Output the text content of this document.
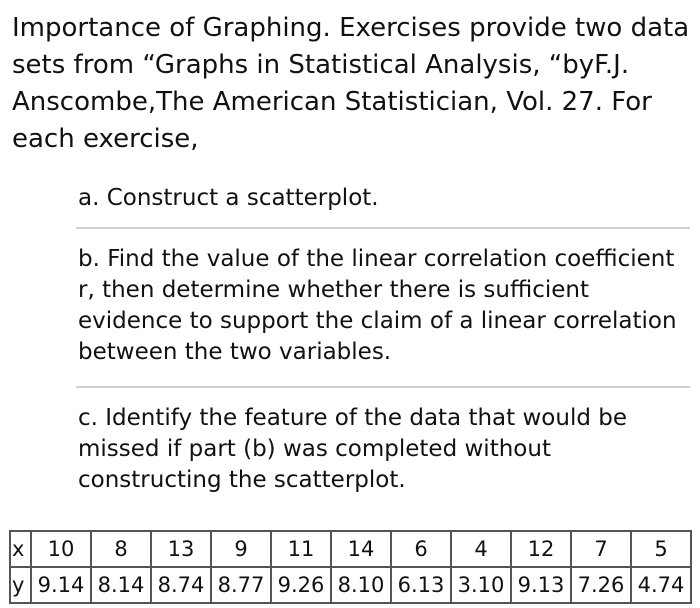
Importance of Graphing. Exercises provide two data sets from “Graphs in Statistical Analysis, “byF.J. Anscombe,The American Statistician, Vol. 27. For each exercise,

a. Construct a scatterplot.

b. Find the value of the linear correlation coefficient r, then determine whether there is sufficient evidence to support the claim of a linear correlation between the two variables.

c. Identify the feature of the data that would be missed if part (b) was completed without constructing the scatterplot.

x	10	8	13	9	11	14	6	4	12	7	5
y	9.14	8.14	8.74	8.77	9.26	8.10	6.13	3.10	9.13	7.26	4.74
